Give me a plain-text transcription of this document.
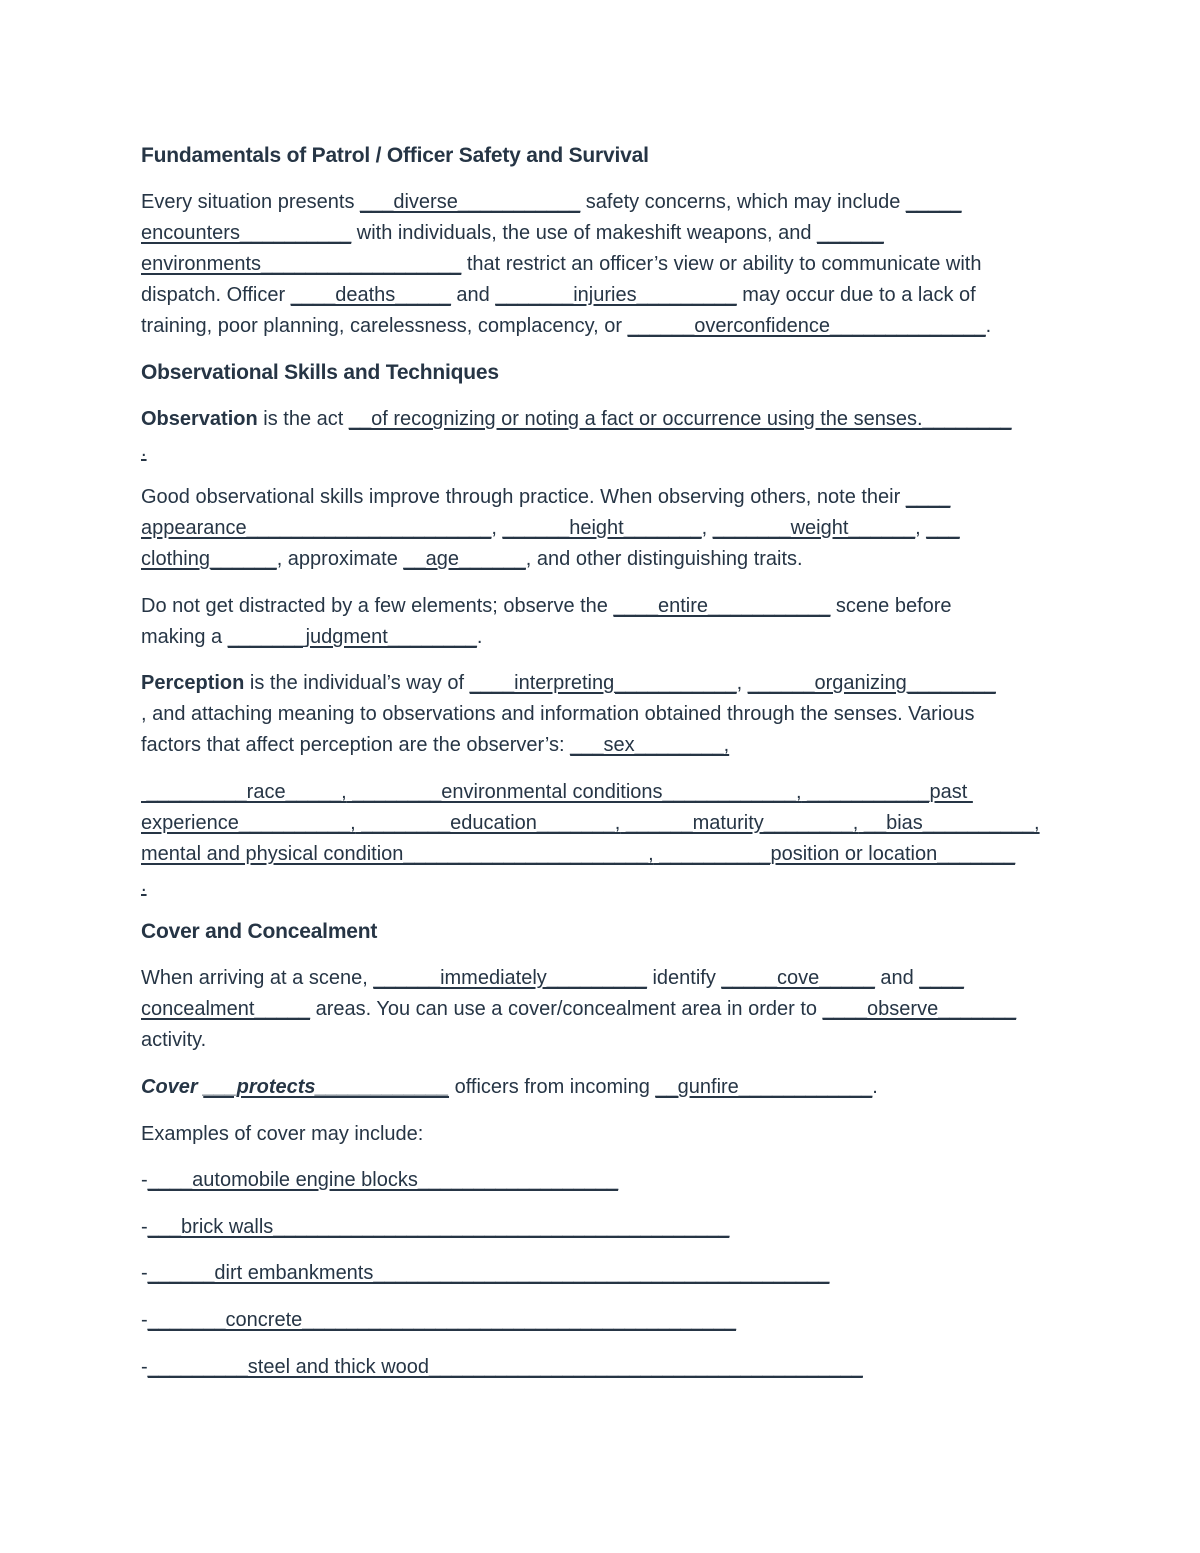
Fundamentals of Patrol / Officer Safety and Survival
Every situation presents ___diverse___________ safety concerns, which may include _____
encounters__________ with individuals, the use of makeshift weapons, and ______
environments__________________ that restrict an officer’s view or ability to communicate with
dispatch. Officer ____deaths_____ and _______injuries_________ may occur due to a lack of
training, poor planning, carelessness, complacency, or ______overconfidence______________.
Observational Skills and Techniques
Observation is the act __of recognizing or noting a fact or occurrence using the senses.________
.
Good observational skills improve through practice. When observing others, note their ____
appearance______________________, ______height_______, _______weight______, ___
clothing______, approximate __age______, and other distinguishing traits.
Do not get distracted by a few elements; observe the ____entire___________ scene before
making a _______judgment________.
Perception is the individual’s way of ____interpreting___________, ______organizing________
, and attaching meaning to observations and information obtained through the senses. Various
factors that affect perception are the observer’s: ___sex________,
_________race_____, ________environmental conditions____________, ___________past
experience__________, ________education_______, ______maturity________, __bias__________,
mental and physical condition______________________, __________position or location_______
.
Cover and Concealment
When arriving at a scene, ______immediately_________ identify _____cove_____ and ____
concealment_____ areas. You can use a cover/concealment area in order to ____observe_______
activity.
Cover ___protects____________ officers from incoming __gunfire____________.
Examples of cover may include:
-____automobile engine blocks__________________
-___brick walls_________________________________________
-______dirt embankments_________________________________________
-_______concrete_______________________________________
-_________steel and thick wood_______________________________________
